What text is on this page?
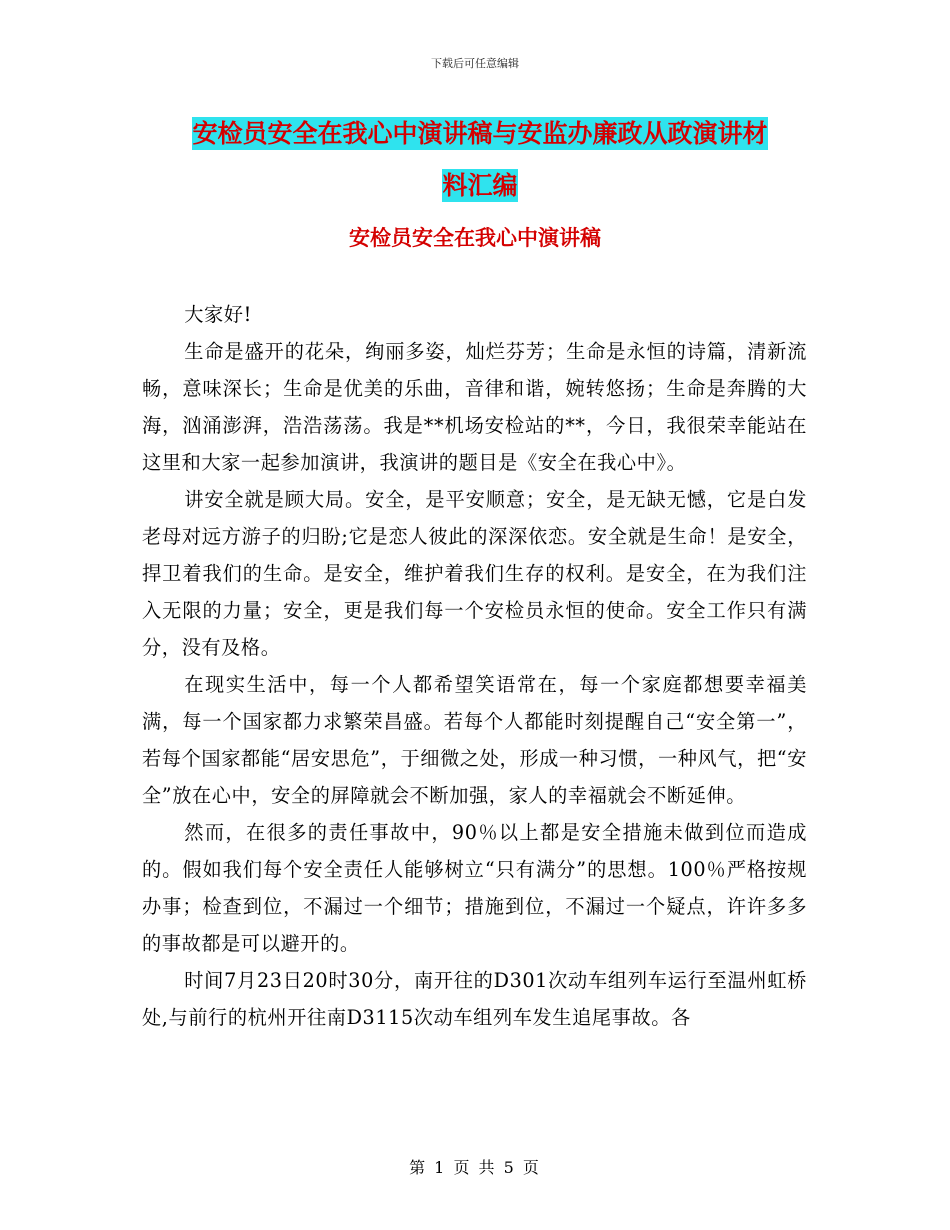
下载后可任意编辑
安检员安全在我心中演讲稿与安监办廉政从政演讲材
料汇编
安检员安全在我心中演讲稿

大家好!

生命是盛开的花朵，绚丽多姿，灿烂芬芳；生命是永恒的诗篇，清新流畅，意味深长；生命是优美的乐曲，音律和谐，婉转悠扬；生命是奔腾的大海，汹涌澎湃，浩浩荡荡。我是**机场安检站的**，今日，我很荣幸能站在这里和大家一起参加演讲，我演讲的题目是《安全在我心中》。

讲安全就是顾大局。安全，是平安顺意；安全，是无缺无憾，它是白发老母对远方游子的归盼;它是恋人彼此的深深依恋。安全就是生命！是安全，捍卫着我们的生命。是安全，维护着我们生存的权利。是安全，在为我们注入无限的力量；安全，更是我们每一个安检员永恒的使命。安全工作只有满分，没有及格。

在现实生活中，每一个人都希望笑语常在，每一个家庭都想要幸福美满，每一个国家都力求繁荣昌盛。若每个人都能时刻提醒自己“安全第一”，若每个国家都能“居安思危”，于细微之处，形成一种习惯，一种风气，把“安全”放在心中，安全的屏障就会不断加强，家人的幸福就会不断延伸。

然而，在很多的责任事故中，90％以上都是安全措施未做到位而造成的。假如我们每个安全责任人能够树立“只有满分”的思想。100％严格按规办事；检查到位，不漏过一个细节；措施到位，不漏过一个疑点，许许多多的事故都是可以避开的。

时间7月23日20时30分，南开往的D301次动车组列车运行至温州虹桥处,与前行的杭州开往南D3115次动车组列车发生追尾事故。各

第 1 页 共 5 页
